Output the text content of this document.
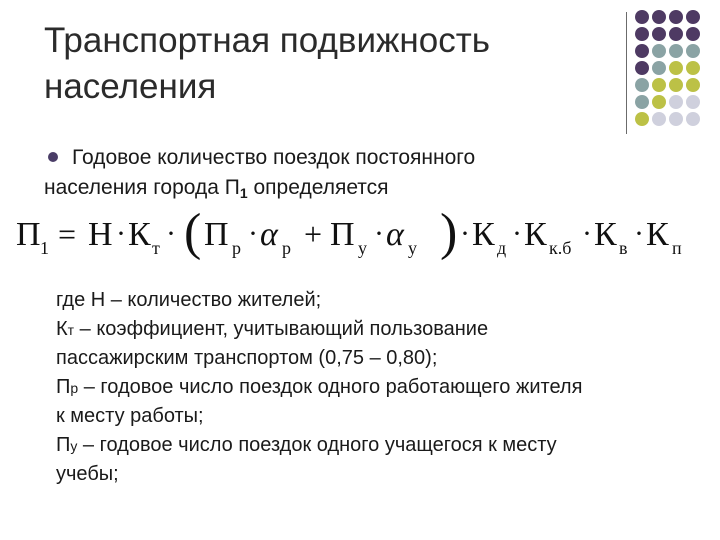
Транспортная подвижность
населения
Годовое количество поездок постоянного
населения города $П_1$ определяется
П 1 = Н · К т · ( П р · α р + П у · α у ) · К д · К к.б · К в · К п
где Н – количество жителей;
Кт – коэффициент, учитывающий пользование
пассажирским транспортом (0,75 – 0,80);
Пр – годовое число поездок одного работающего жителя
к месту работы;
Пу – годовое число поездок одного учащегося к месту
учебы;
